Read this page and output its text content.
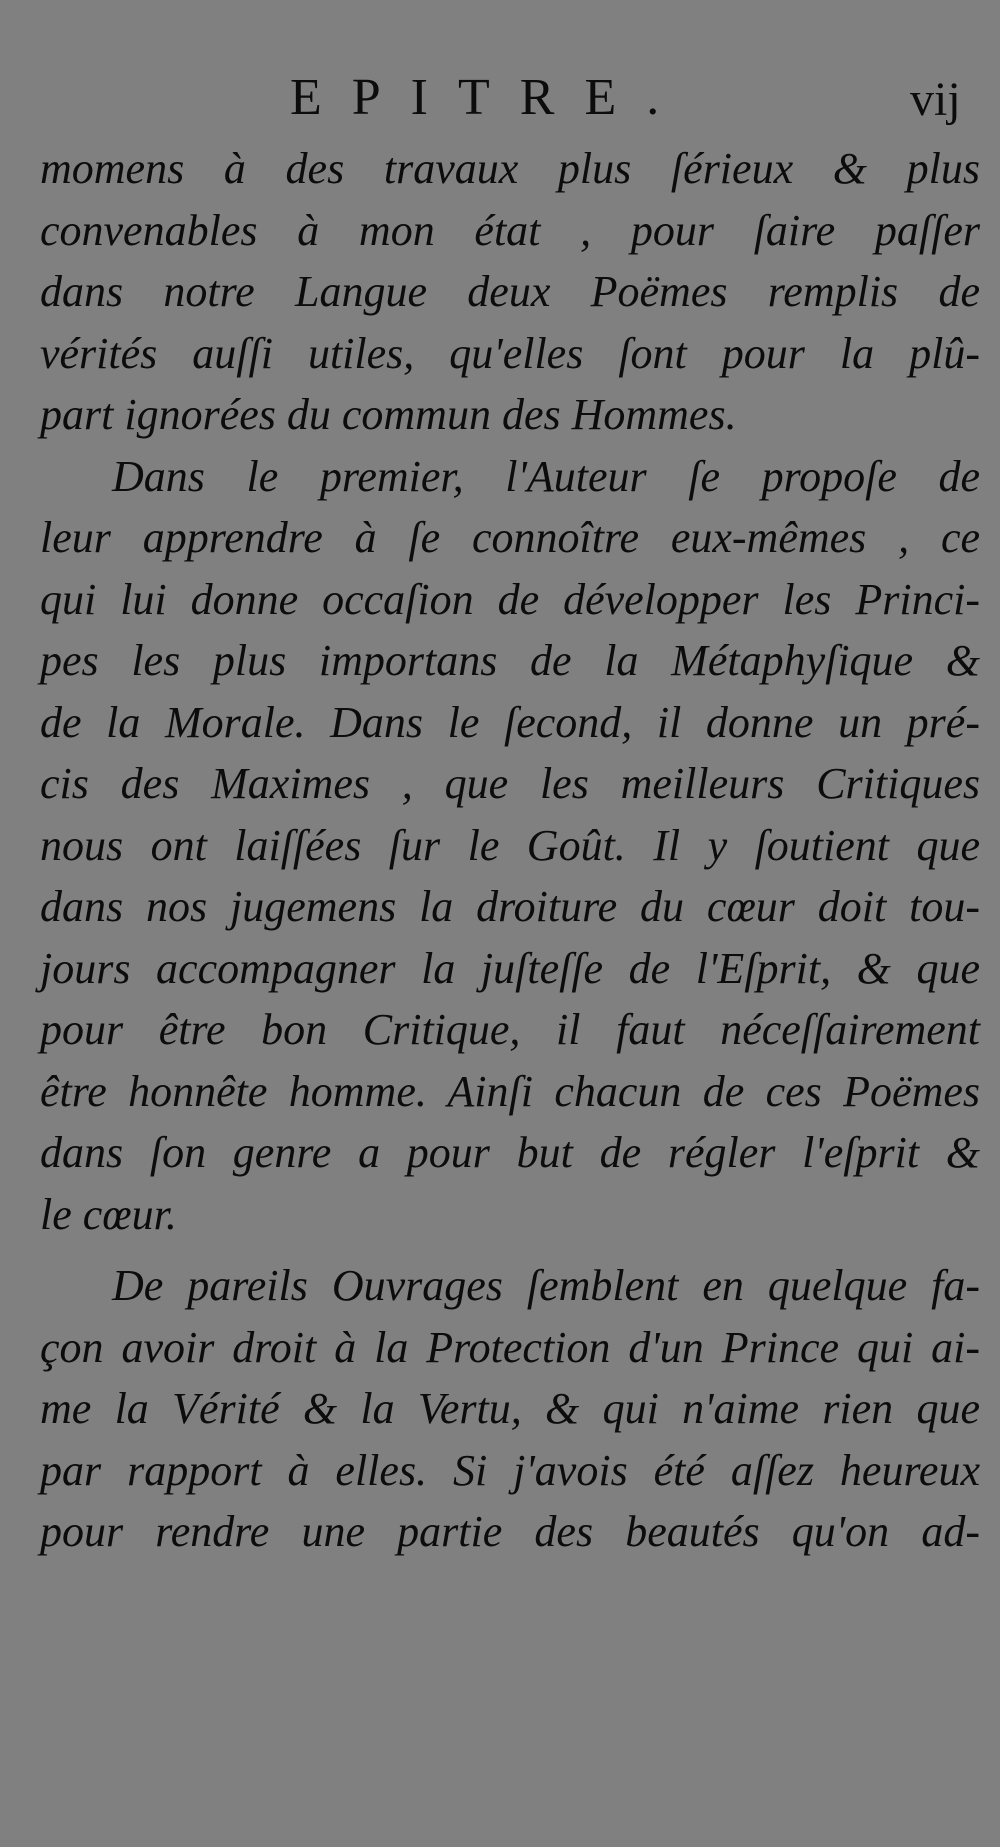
EPITRE.	vij
momens à des travaux plus ſérieux & plus
convenables à mon état , pour ſaire paſſer
dans notre Langue deux Poëmes remplis de
vérités auſſi utiles, qu'elles ſont pour la plû-
part ignorées du commun des Hommes.
Dans le premier, l'Auteur ſe propoſe de
leur apprendre à ſe connoître eux-mêmes , ce
qui lui donne occaſion de développer les Princi-
pes les plus importans de la Métaphyſique &
de la Morale. Dans le ſecond, il donne un pré-
cis des Maximes , que les meilleurs Critiques
nous ont laiſſées ſur le Goût. Il y ſoutient que
dans nos jugemens la droiture du cœur doit tou-
jours accompagner la juſteſſe de l'Eſprit, & que
pour être bon Critique, il faut néceſſairement
être honnête homme. Ainſi chacun de ces Poëmes
dans ſon genre a pour but de régler l'eſprit &
le cœur.
De pareils Ouvrages ſemblent en quelque fa-
çon avoir droit à la Protection d'un Prince qui ai-
me la Vérité & la Vertu, & qui n'aime rien que
par rapport à elles. Si j'avois été aſſez heureux
pour rendre une partie des beautés qu'on ad-
